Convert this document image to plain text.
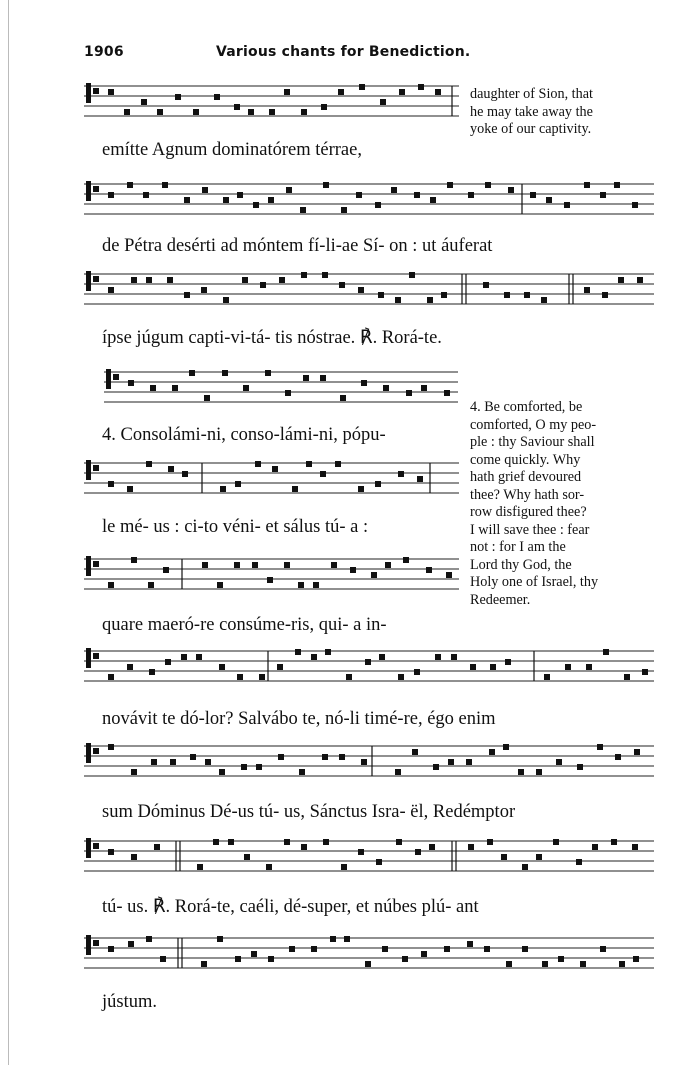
1906	Various chants for Benediction.
daughter of Sion, that
he may take away the
yoke of our captivity.
emítte Agnum dominatórem térrae,
de Pétra desérti ad móntem fí-li-ae Sí- on : ut áuferat
ípse júgum capti-vi-tá- tis nóstrae. ℟. Rorá-te.
4. Be comforted, be
comforted, O my peo-
ple : thy Saviour shall
come quickly. Why
hath grief devoured
thee? Why hath sor-
row disfigured thee?
I will save thee : fear
not : for I am the
Lord thy God, the
Holy one of Israel, thy
Redeemer.
4. Consolámi-ni, conso-lámi-ni, pópu-
le mé- us : ci-to véni- et sálus tú- a :
quare maeró-re consúme-ris, qui- a in-
novávit te dó-lor? Salvábo te, nó-li timé-re, égo enim
sum Dóminus Dé-us tú- us, Sánctus Isra- ël, Redémptor
tú- us. ℟. Rorá-te, caéli, dé-super, et núbes plú- ant
jústum.
